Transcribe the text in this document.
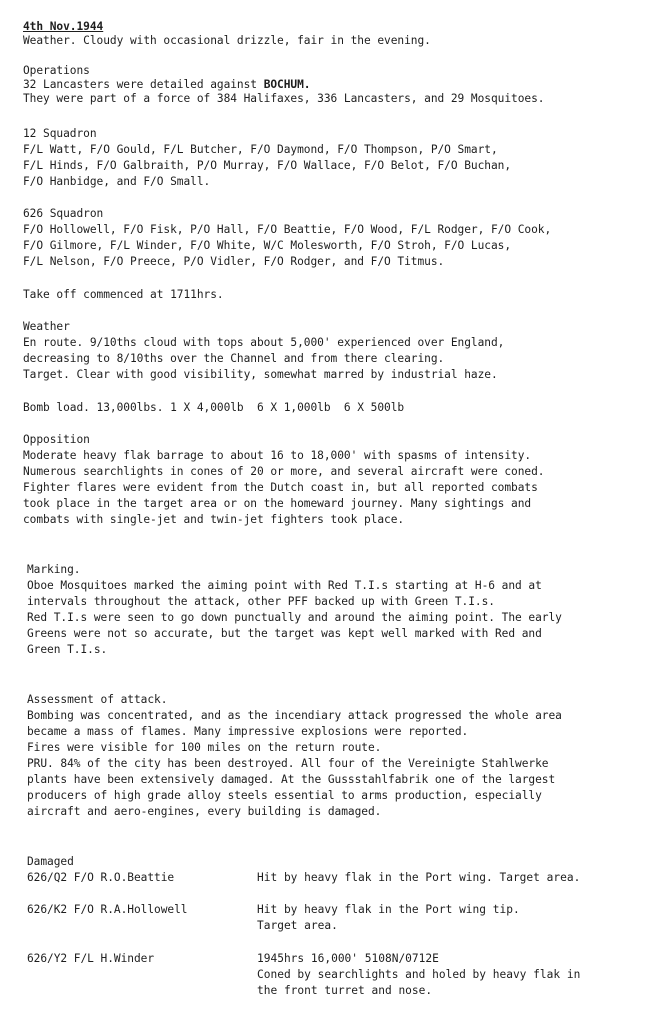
4th Nov.1944
Weather. Cloudy with occasional drizzle, fair in the evening.
Operations
32 Lancasters were detailed against BOCHUM.
They were part of a force of 384 Halifaxes, 336 Lancasters, and 29 Mosquitoes.
12 Squadron
F/L Watt, F/O Gould, F/L Butcher, F/O Daymond, F/O Thompson, P/O Smart,
F/L Hinds, F/O Galbraith, P/O Murray, F/O Wallace, F/O Belot, F/O Buchan,
F/O Hanbidge, and F/O Small.
626 Squadron
F/O Hollowell, F/O Fisk, P/O Hall, F/O Beattie, F/O Wood, F/L Rodger, F/O Cook,
F/O Gilmore, F/L Winder, F/O White, W/C Molesworth, F/O Stroh, F/O Lucas,
F/L Nelson, F/O Preece, P/O Vidler, F/O Rodger, and F/O Titmus.
Take off commenced at 1711hrs.
Weather
En route. 9/10ths cloud with tops about 5,000' experienced over England,
decreasing to 8/10ths over the Channel and from there clearing.
Target. Clear with good visibility, somewhat marred by industrial haze.
Bomb load. 13,000lbs. 1 X 4,000lb  6 X 1,000lb  6 X 500lb
Opposition
Moderate heavy flak barrage to about 16 to 18,000' with spasms of intensity.
Numerous searchlights in cones of 20 or more, and several aircraft were coned.
Fighter flares were evident from the Dutch coast in, but all reported combats
took place in the target area or on the homeward journey. Many sightings and
combats with single-jet and twin-jet fighters took place.
Marking.
Oboe Mosquitoes marked the aiming point with Red T.I.s starting at H-6 and at
intervals throughout the attack, other PFF backed up with Green T.I.s.
Red T.I.s were seen to go down punctually and around the aiming point. The early
Greens were not so accurate, but the target was kept well marked with Red and
Green T.I.s.
Assessment of attack.
Bombing was concentrated, and as the incendiary attack progressed the whole area
became a mass of flames. Many impressive explosions were reported.
Fires were visible for 100 miles on the return route.
PRU. 84% of the city has been destroyed. All four of the Vereinigte Stahlwerke
plants have been extensively damaged. At the Gussstahlfabrik one of the largest
producers of high grade alloy steels essential to arms production, especially
aircraft and aero-engines, every building is damaged.
Damaged
626/Q2 F/O R.O.Beattie	Hit by heavy flak in the Port wing. Target area.
626/K2 F/O R.A.Hollowell	Hit by heavy flak in the Port wing tip.
Target area.
626/Y2 F/L H.Winder	1945hrs 16,000' 5108N/0712E
Coned by searchlights and holed by heavy flak in
the front turret and nose.
